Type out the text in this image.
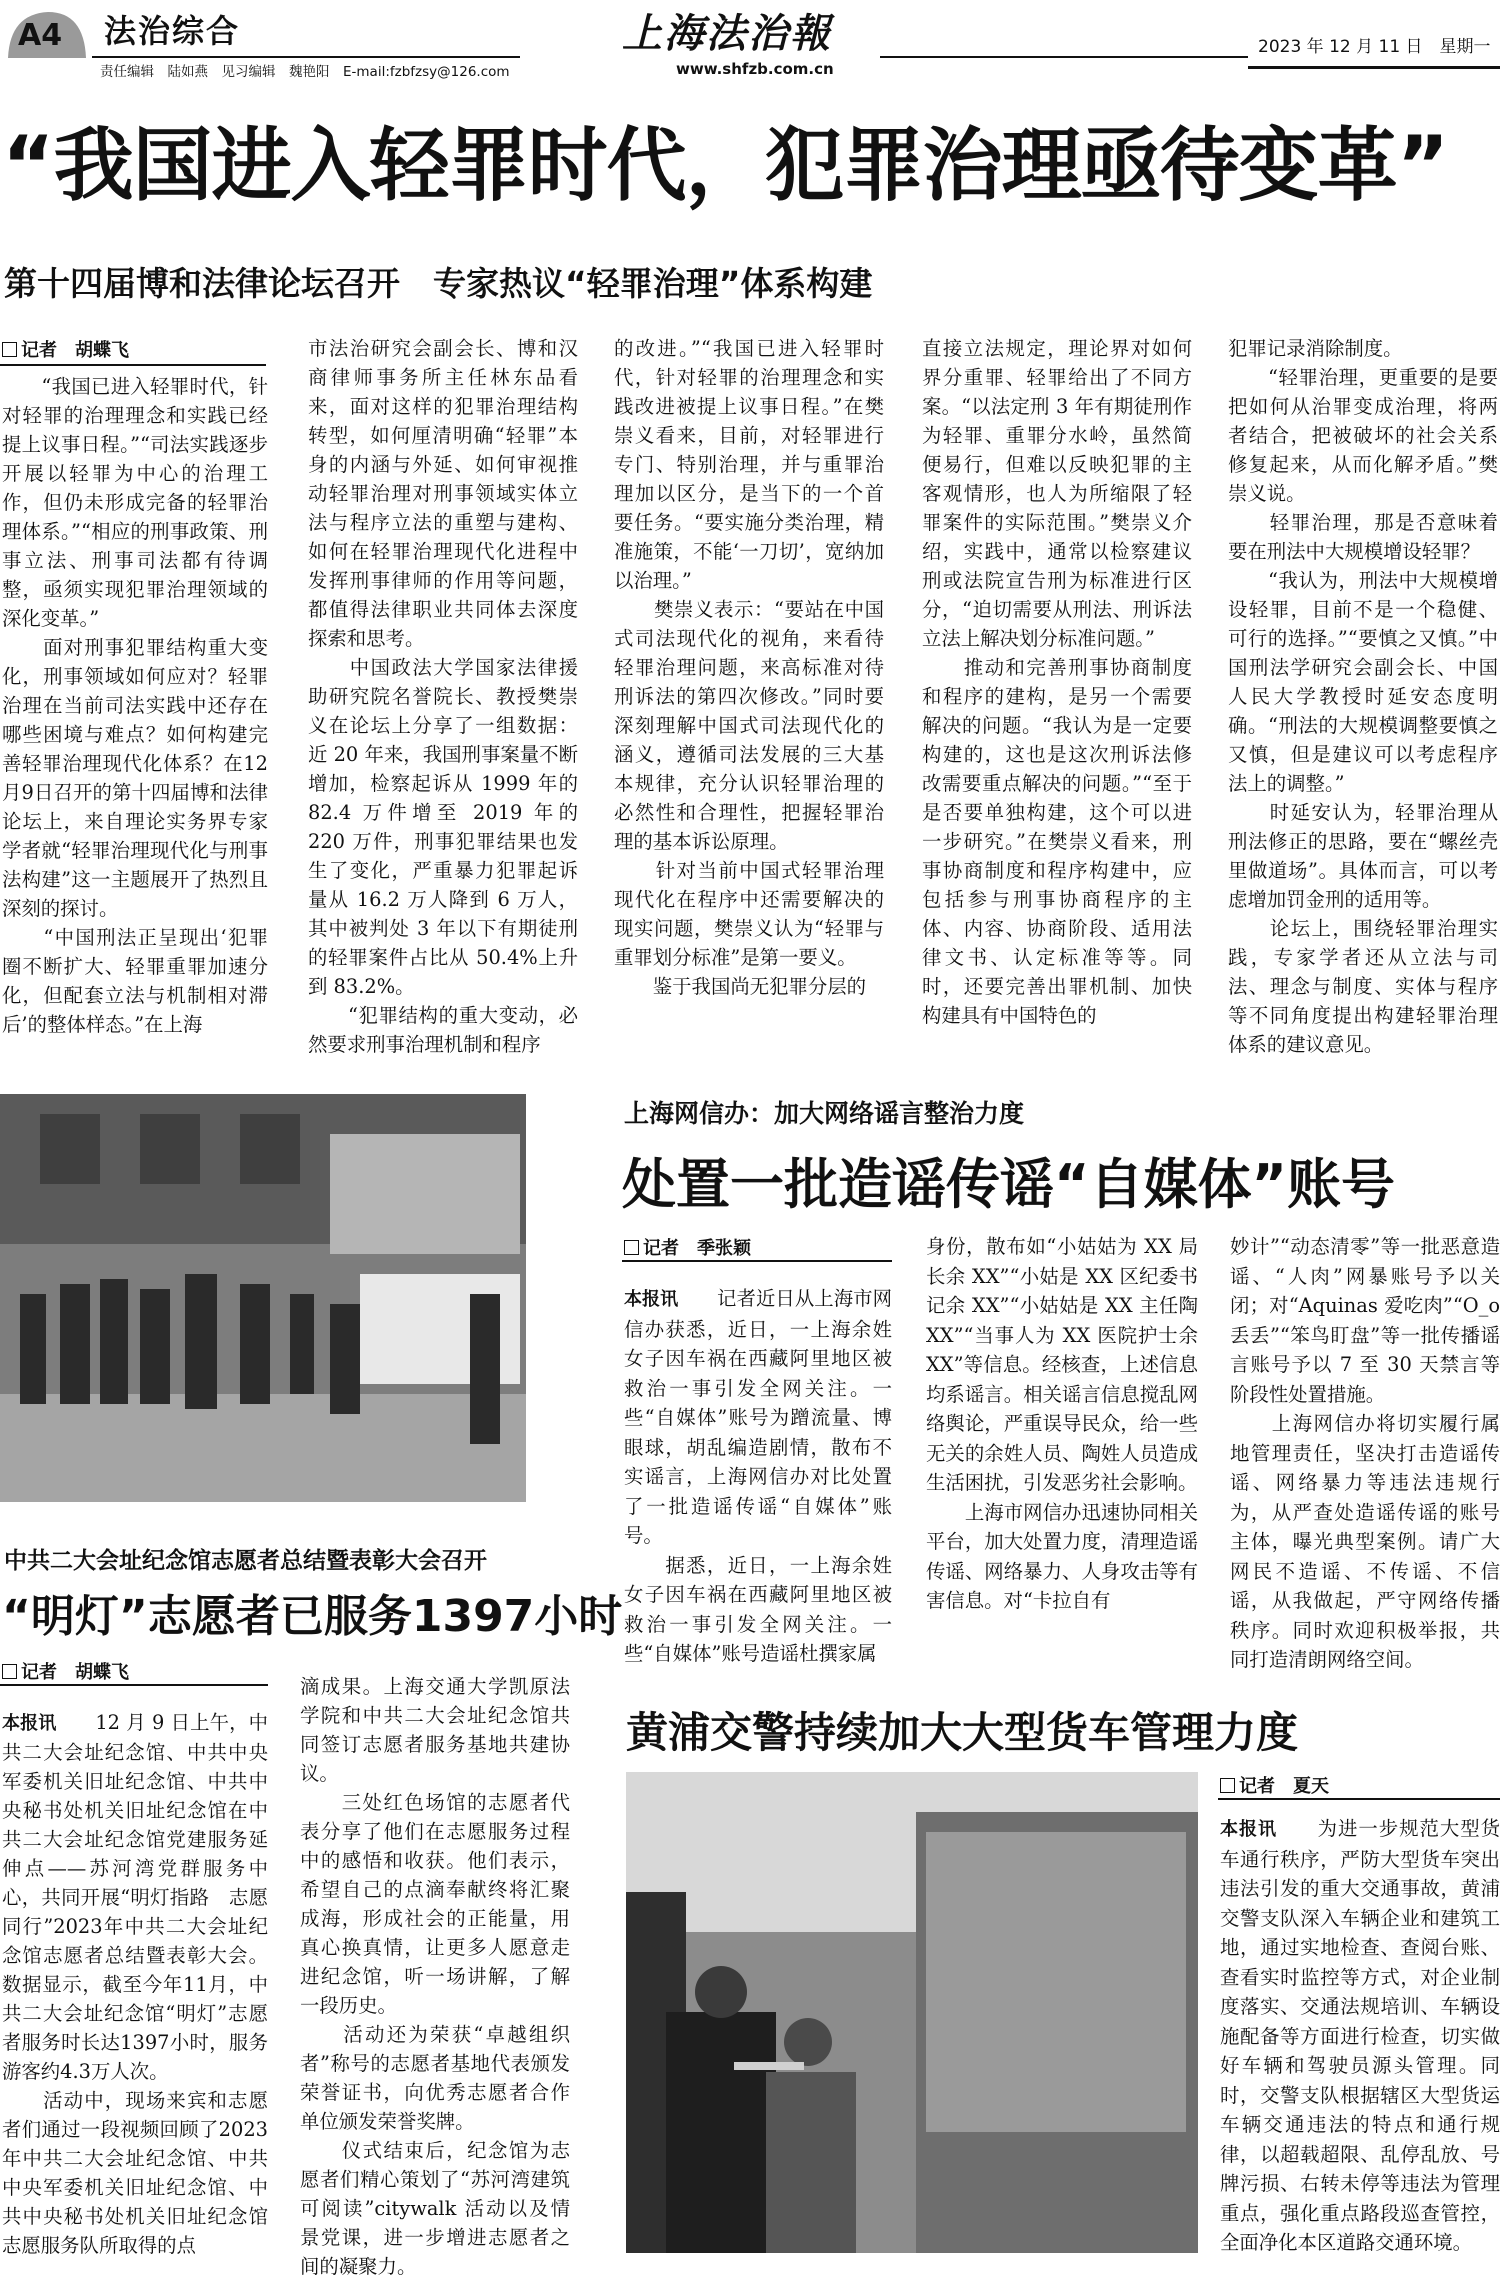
A4 法治综合
责任编辑　陆如燕　见习编辑　魏艳阳　E-mail:fzbfzsy@126.com
上海法治報
www.shfzb.com.cn
2023 年 12 月 11 日　星期一
“我国进入轻罪时代，犯罪治理亟待变革”
第十四届博和法律论坛召开　专家热议“轻罪治理”体系构建
记者　 胡蝶飞
　　“我国已进入轻罪时代，针对轻罪的治理理念和实践已经提上议事日程。”“司法实践逐步开展以轻罪为中心的治理工作，但仍未形成完备的轻罪治理体系。”“相应的刑事政策、刑事立法、刑事司法都有待调整，亟须实现犯罪治理领域的深化变革。”
　　面对刑事犯罪结构重大变化，刑事领域如何应对？轻罪治理在当前司法实践中还存在哪些困境与难点？如何构建完善轻罪治理现代化体系？在12月9日召开的第十四届博和法律论坛上，来自理论实务界专家学者就“轻罪治理现代化与刑事法构建”这一主题展开了热烈且深刻的探讨。
　　“中国刑法正呈现出‘犯罪圈不断扩大、轻罪重罪加速分化，但配套立法与机制相对滞后’的整体样态。”在上海
市法治研究会副会长、博和汉商律师事务所主任林东品看来，面对这样的犯罪治理结构转型，如何厘清明确“轻罪”本身的内涵与外延、如何审视推动轻罪治理对刑事领域实体立法与程序立法的重塑与建构、如何在轻罪治理现代化进程中发挥刑事律师的作用等问题，都值得法律职业共同体去深度探索和思考。
　　中国政法大学国家法律援助研究院名誉院长、教授樊崇义在论坛上分享了一组数据：近 20 年来，我国刑事案量不断增加，检察起诉从 1999 年的 82.4 万件增至 2019 年的 220 万件，刑事犯罪结果也发生了变化，严重暴力犯罪起诉量从 16.2 万人降到 6 万人，其中被判处 3 年以下有期徒刑的轻罪案件占比从 50.4%上升到 83.2%。
　　“犯罪结构的重大变动，必然要求刑事治理机制和程序
的改进。”“我国已进入轻罪时代，针对轻罪的治理理念和实践改进被提上议事日程。”在樊崇义看来，目前，对轻罪进行专门、特别治理，并与重罪治理加以区分，是当下的一个首要任务。“要实施分类治理，精准施策，不能‘一刀切’，宽纳加以治理。”
　　樊崇义表示：“要站在中国式司法现代化的视角，来看待轻罪治理问题，来高标准对待刑诉法的第四次修改。”同时要深刻理解中国式司法现代化的涵义，遵循司法发展的三大基本规律，充分认识轻罪治理的必然性和合理性，把握轻罪治理的基本诉讼原理。
　　针对当前中国式轻罪治理现代化在程序中还需要解决的现实问题，樊崇义认为“轻罪与重罪划分标准”是第一要义。
　　鉴于我国尚无犯罪分层的
直接立法规定，理论界对如何界分重罪、轻罪给出了不同方案。“以法定刑 3 年有期徒刑作为轻罪、重罪分水岭，虽然简便易行，但难以反映犯罪的主客观情形，也人为所缩限了轻罪案件的实际范围。”樊崇义介绍，实践中，通常以检察建议刑或法院宣告刑为标准进行区分，“迫切需要从刑法、刑诉法立法上解决划分标准问题。”
　　推动和完善刑事协商制度和程序的建构，是另一个需要解决的问题。“我认为是一定要构建的，这也是这次刑诉法修改需要重点解决的问题。”“至于是否要单独构建，这个可以进一步研究。”在樊崇义看来，刑事协商制度和程序构建中，应包括参与刑事协商程序的主体、内容、协商阶段、适用法律文书、认定标准等等。同时，还要完善出罪机制、加快构建具有中国特色的
犯罪记录消除制度。
　　“轻罪治理，更重要的是要把如何从治罪变成治理，将两者结合，把被破坏的社会关系修复起来，从而化解矛盾。”樊崇义说。
　　轻罪治理，那是否意味着要在刑法中大规模增设轻罪？
　　“我认为，刑法中大规模增设轻罪，目前不是一个稳健、可行的选择。”“要慎之又慎。”中国刑法学研究会副会长、中国人民大学教授时延安态度明确。“刑法的大规模调整要慎之又慎，但是建议可以考虑程序法上的调整。”
　　时延安认为，轻罪治理从刑法修正的思路，要在“螺丝壳里做道场”。具体而言，可以考虑增加罚金刑的适用等。
　　论坛上，围绕轻罪治理实践，专家学者还从立法与司法、理念与制度、实体与程序等不同角度提出构建轻罪治理体系的建议意见。
中共二大会址纪念馆志愿者总结暨表彰大会召开
“明灯”志愿者已服务1397小时
记者　 胡蝶飞
本报讯　　12 月 9 日上午，中共二大会址纪念馆、中共中央军委机关旧址纪念馆、中共中央秘书处机关旧址纪念馆在中共二大会址纪念馆党建服务延伸点——苏河湾党群服务中心，共同开展“明灯指路　志愿同行”2023年中共二大会址纪念馆志愿者总结暨表彰大会。数据显示，截至今年11月，中共二大会址纪念馆“明灯”志愿者服务时长达1397小时，服务游客约4.3万人次。
　　活动中，现场来宾和志愿者们通过一段视频回顾了2023 年中共二大会址纪念馆、中共中央军委机关旧址纪念馆、中共中央秘书处机关旧址纪念馆志愿服务队所取得的点
滴成果。上海交通大学凯原法学院和中共二大会址纪念馆共同签订志愿者服务基地共建协议。
　　三处红色场馆的志愿者代表分享了他们在志愿服务过程中的感悟和收获。他们表示，希望自己的点滴奉献终将汇聚成海，形成社会的正能量，用真心换真情，让更多人愿意走进纪念馆，听一场讲解，了解一段历史。
　　活动还为荣获“卓越组织者”称号的志愿者基地代表颁发荣誉证书，向优秀志愿者合作单位颁发荣誉奖牌。
　　仪式结束后，纪念馆为志愿者们精心策划了“苏河湾建筑可阅读”citywalk 活动以及情景党课，进一步增进志愿者之间的凝聚力。
上海网信办：加大网络谣言整治力度
处置一批造谣传谣“自媒体”账号
记者　 季张颖
本报讯　　记者近日从上海市网信办获悉，近日，一上海余姓女子因车祸在西藏阿里地区被救治一事引发全网关注。一些“自媒体”账号为蹭流量、博眼球，胡乱编造剧情，散布不实谣言，上海网信办对比处置了一批造谣传谣“自媒体”账号。
　　据悉，近日，一上海余姓女子因车祸在西藏阿里地区被救治一事引发全网关注。一些“自媒体”账号造谣杜撰家属
身份，散布如“小姑姑为 XX 局长余 XX”“小姑是 XX 区纪委书记余 XX”“小姑姑是 XX 主任陶 XX”“当事人为 XX 医院护士余 XX”等信息。经核查，上述信息均系谣言。相关谣言信息搅乱网络舆论，严重误导民众，给一些无关的余姓人员、陶姓人员造成生活困扰，引发恶劣社会影响。
　　上海市网信办迅速协同相关平台，加大处置力度，清理造谣传谣、网络暴力、人身攻击等有害信息。对“卡拉自有
妙计”“动态清零”等一批恶意造谣、“人肉”网暴账号予以关闭；对“Aquinas 爱吃肉”“O_o 丢丢”“笨鸟盯盘”等一批传播谣言账号予以 7 至 30 天禁言等阶段性处置措施。
　　上海网信办将切实履行属地管理责任，坚决打击造谣传谣、网络暴力等违法违规行为，从严查处造谣传谣的账号主体，曝光典型案例。请广大网民不造谣、不传谣、不信谣，从我做起，严守网络传播秩序。同时欢迎积极举报，共同打造清朗网络空间。
黄浦交警持续加大大型货车管理力度
记者　 夏天
本报讯　　为进一步规范大型货车通行秩序，严防大型货车突出违法引发的重大交通事故，黄浦交警支队深入车辆企业和建筑工地，通过实地检查、查阅台账、查看实时监控等方式，对企业制度落实、交通法规培训、车辆设施配备等方面进行检查，切实做好车辆和驾驶员源头管理。同时，交警支队根据辖区大型货运车辆交通违法的特点和通行规律，以超载超限、乱停乱放、号牌污损、右转未停等违法为管理重点，强化重点路段巡查管控，全面净化本区道路交通环境。
